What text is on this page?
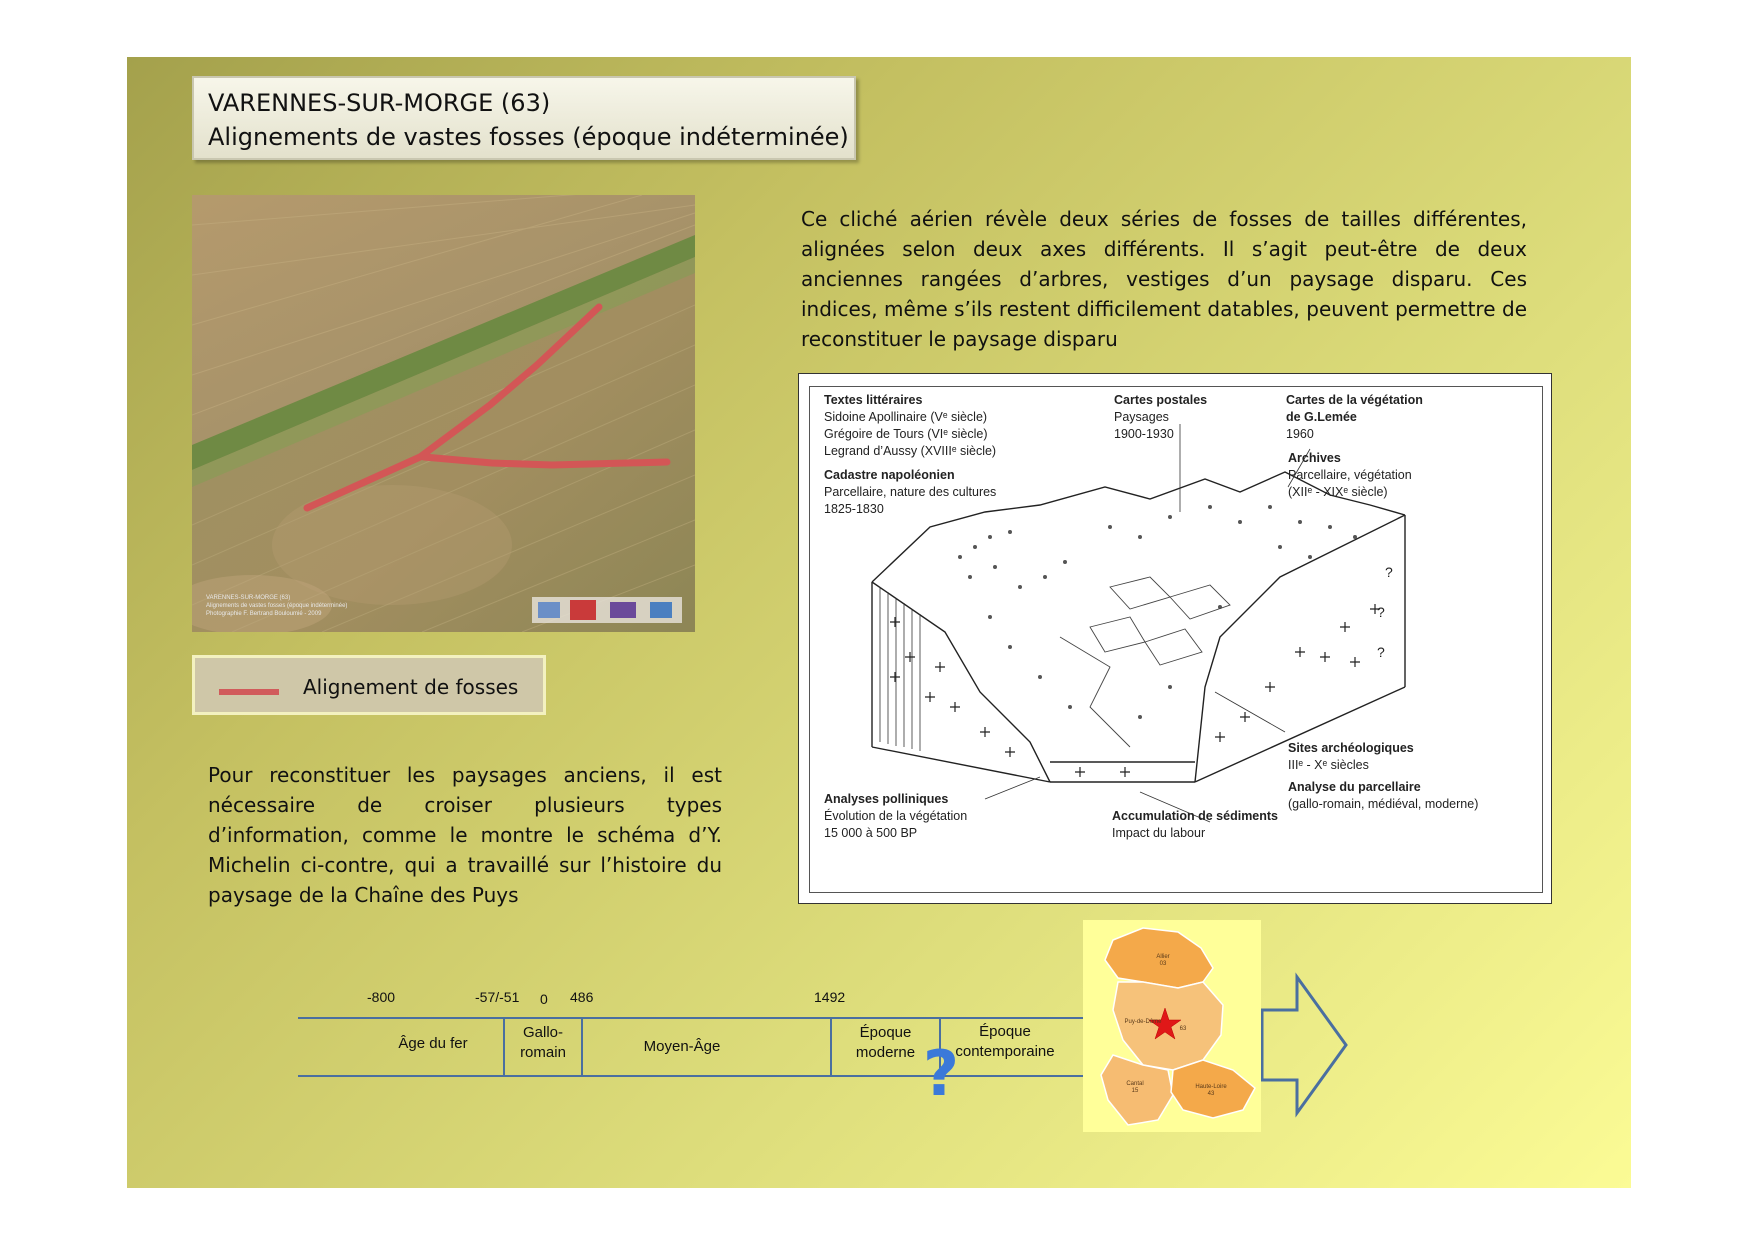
VARENNES-SUR-MORGE (63)
Alignements de vastes fosses (époque indéterminée)
VARENNES-SUR-MORGE (63)
Alignements de vastes fosses (époque indéterminée)
Photographie F. Bertrand Bouloumié - 2009
Alignement de fosses
Ce cliché aérien révèle deux séries de fosses de tailles différentes, alignées selon deux axes différents. Il s’agit peut-être de deux anciennes rangées d’arbres, vestiges d’un paysage disparu. Ces indices, même s’ils restent difficilement datables, peuvent permettre de reconstituer le paysage disparu
Pour reconstituer les paysages anciens, il est nécessaire de croiser plusieurs types d’information, comme le montre le schéma d’Y. Michelin ci-contre, qui a travaillé sur l’histoire du paysage de la Chaîne des Puys
?
?
?
Textes littéraires
Sidoine Apollinaire (Vᵉ siècle)
Grégoire de Tours (VIᵉ siècle)
Legrand d’Aussy (XVIIIᵉ siècle)
Cartes postales
Paysages
1900-1930
Cartes de la végétation
de G.Lemée
1960
Archives
Parcellaire, végétation
(XIIᵉ - XIXᵉ siècle)
Cadastre napoléonien
Parcellaire, nature des cultures
1825-1830
Sites archéologiques
IIIᵉ - Xᵉ siècles
Analyse du parcellaire
(gallo-romain, médiéval, moderne)
Analyses polliniques
Évolution de la végétation
15 000 à 500 BP
Accumulation de sédiments
Impact du labour
-800	-57/-51 0 486	1492
Âge du fer
Gallo-
romain	Moyen-Âge
Époque
moderne
Époque
contemporaine
?
Allier
03
Puy-de-Dôme
63
Cantal
15
Haute-Loire
43
